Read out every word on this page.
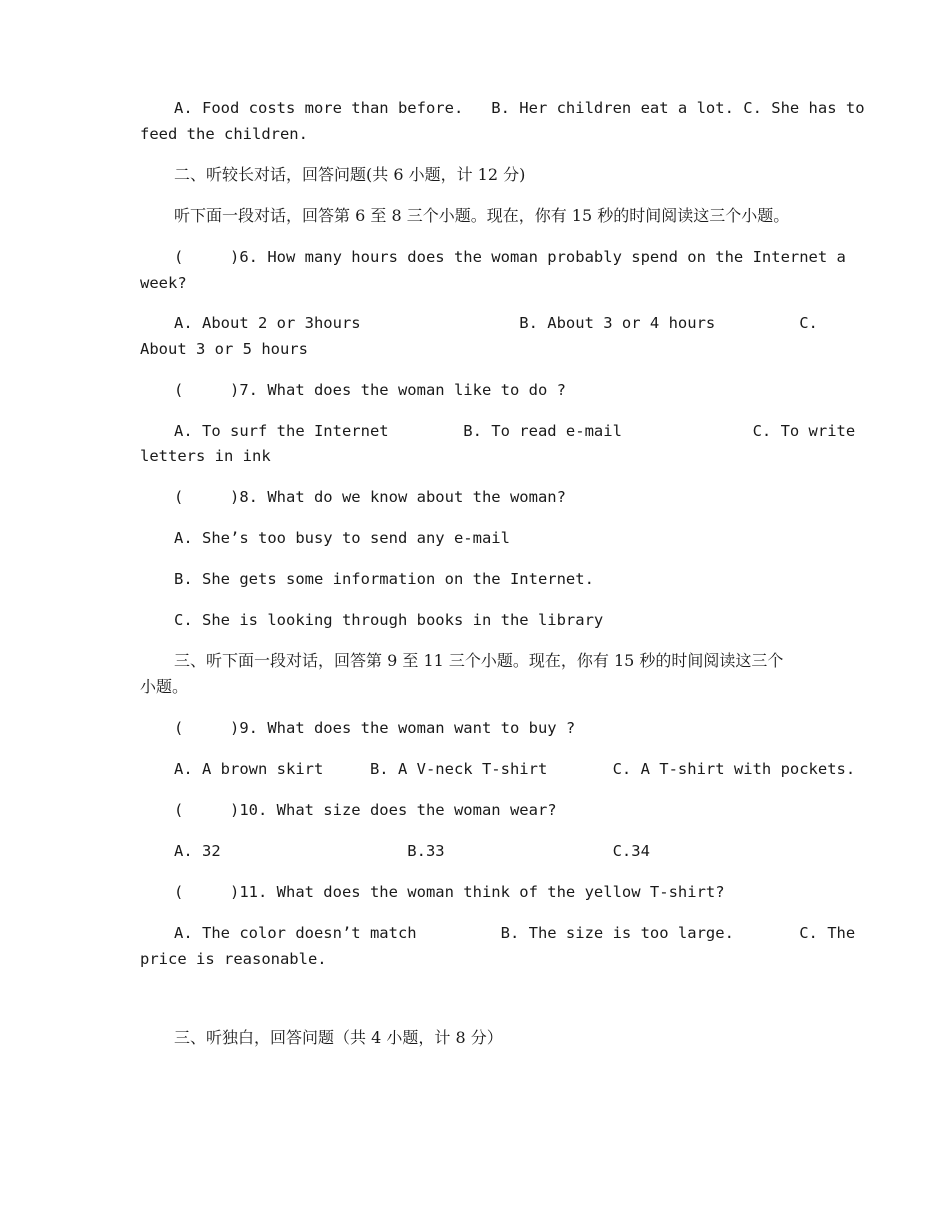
A. Food costs more than before.   B. Her children eat a lot. C. She has to
feed the children.
二、听较长对话，回答问题(共 6 小题，计 12 分)
听下面一段对话，回答第 6 至 8 三个小题。现在，你有 15 秒的时间阅读这三个小题。
(     )6. How many hours does the woman probably spend on the Internet a
week?
A. About 2 or 3hours                 B. About 3 or 4 hours         C.
About 3 or 5 hours
(     )7. What does the woman like to do ?
A. To surf the Internet        B. To read e-mail              C. To write
letters in ink
(     )8. What do we know about the woman?
A. She’s too busy to send any e-mail
B. She gets some information on the Internet.
C. She is looking through books in the library
三、听下面一段对话，回答第 9 至 11 三个小题。现在，你有 15 秒的时间阅读这三个
小题。
(     )9. What does the woman want to buy ?
A. A brown skirt     B. A V-neck T-shirt       C. A T-shirt with pockets.
(     )10. What size does the woman wear?
A. 32                    B.33                  C.34
(     )11. What does the woman think of the yellow T-shirt?
A. The color doesn’t match         B. The size is too large.       C. The
price is reasonable.
三、听独白，回答问题（共 4 小题，计 8 分）
